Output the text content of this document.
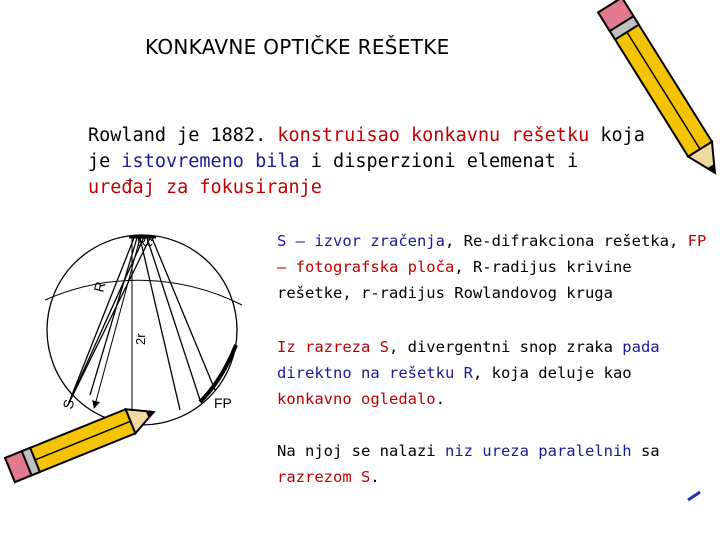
KONKAVNE OPTIČKE REŠETKE
Rowland je 1882. konstruisao konkavnu rešetku koja je istovremeno bila i disperzioni elemenat i uređaj za fokusiranje
S – izvor zračenja, Re-difrakciona rešetka, FP – fotografska ploča, R-radijus krivine rešetke, r-radijus Rowlandovog kruga
Iz razreza S, divergentni snop zraka pada direktno na rešetku R, koja deluje kao konkavno ogledalo.
Na njoj se nalazi niz ureza paralelnih sa razrezom S.
Rc
R
2r
S	FP
